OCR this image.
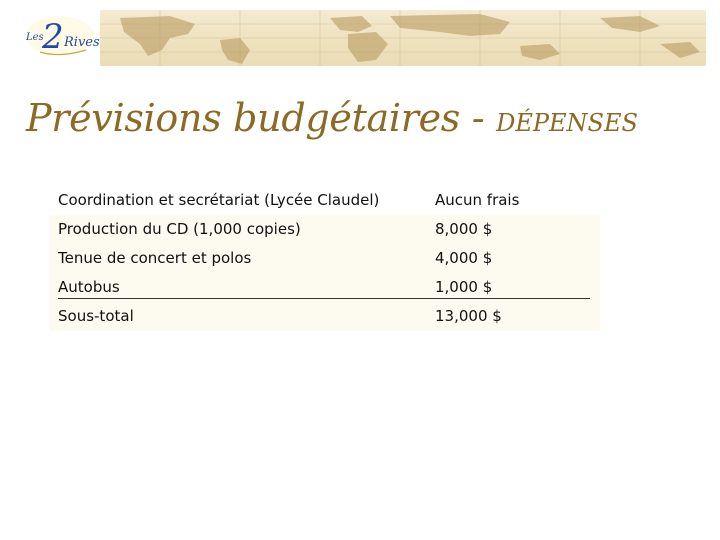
Les
2 Rives
Prévisions budgétaires - DÉPENSES
Coordination et secrétariat (Lycée Claudel)	Aucun frais
Production du CD (1,000 copies)	8,000 $
Tenue de concert et polos	4,000 $
Autobus	1,000 $
Sous-total	13,000 $
